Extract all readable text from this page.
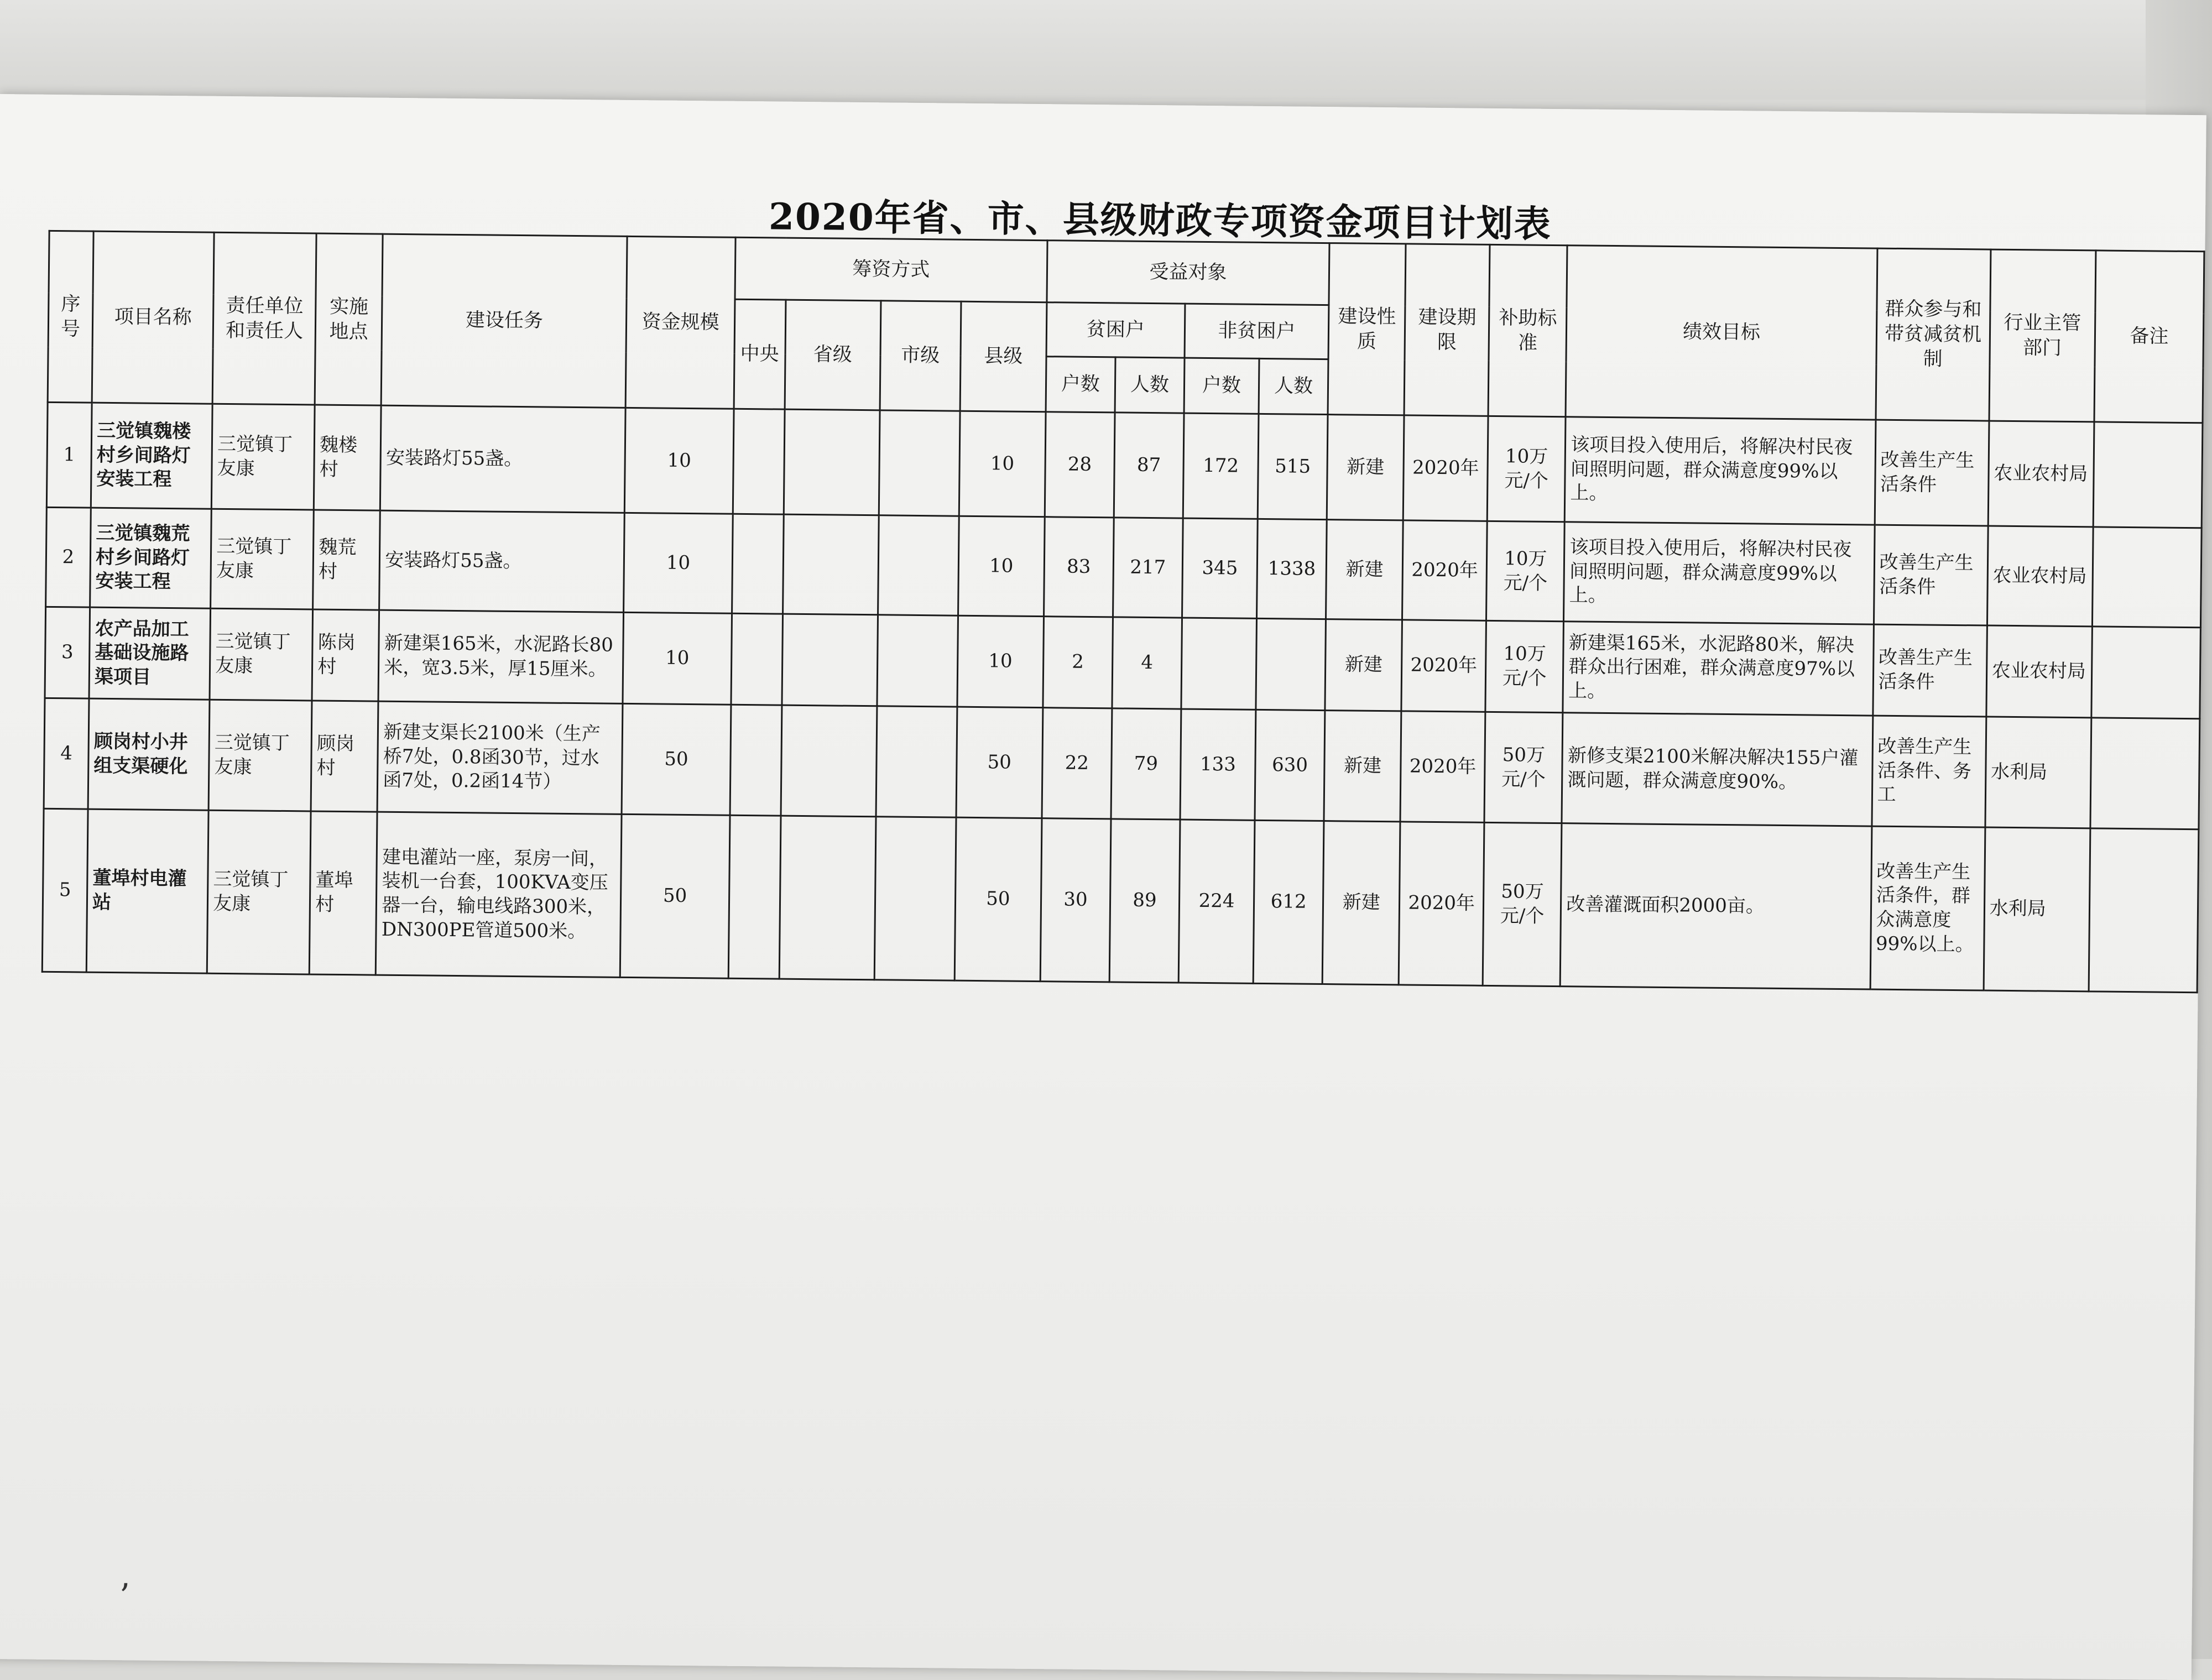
2020年省、市、县级财政专项资金项目计划表
序号	项目名称	责任单位和责任人	实施地点	建设任务	资金规模	筹资方式				受益对象				建设性质	建设期限	补助标准	绩效目标	群众参与和带贫减贫机制	行业主管部门	备注
						中央	省级	市级	县级	贫困户		非贫困户								
										户数	人数	户数	人数							
1	三觉镇魏楼村乡间路灯安装工程	三觉镇丁友康	魏楼村	安装路灯55盏。	10				10	28	87	172	515	新建	2020年	10万元/个	该项目投入使用后，将解决村民夜间照明问题，群众满意度99%以上。	改善生产生活条件	农业农村局	
2	三觉镇魏荒村乡间路灯安装工程	三觉镇丁友康	魏荒村	安装路灯55盏。	10				10	83	217	345	1338	新建	2020年	10万元/个	该项目投入使用后，将解决村民夜间照明问题，群众满意度99%以上。	改善生产生活条件	农业农村局	
3	农产品加工基础设施路渠项目	三觉镇丁友康	陈岗村	新建渠165米，水泥路长80米，宽3.5米，厚15厘米。	10				10	2	4			新建	2020年	10万元/个	新建渠165米，水泥路80米，解决群众出行困难，群众满意度97%以上。	改善生产生活条件	农业农村局	
4	顾岗村小井组支渠硬化	三觉镇丁友康	顾岗村	新建支渠长2100米（生产桥7处，0.8函30节，过水函7处，0.2函14节）	50				50	22	79	133	630	新建	2020年	50万元/个	新修支渠2100米解决解决155户灌溉问题，群众满意度90%。	改善生产生活条件、务工	水利局	
5	董埠村电灌站	三觉镇丁友康	董埠村	建电灌站一座，泵房一间，装机一台套，100KVA变压器一台，输电线路300米，DN300PE管道500米。	50				50	30	89	224	612	新建	2020年	50万元/个	改善灌溉面积2000亩。	改善生产生活条件，群众满意度99%以上。	水利局	
ʼ
